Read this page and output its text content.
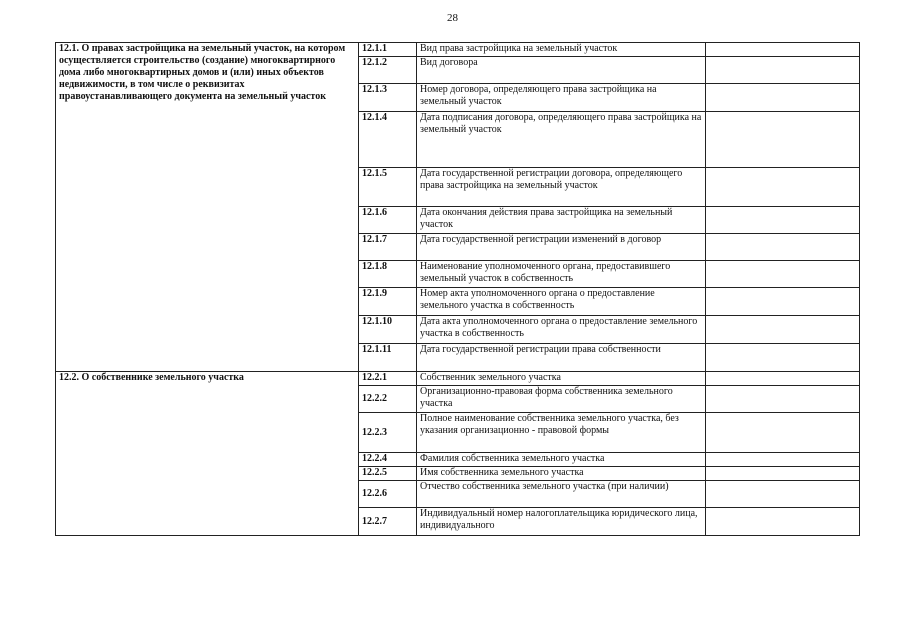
28
12.1. О правах застройщика на земельный участок, на котором осуществляется строительство (создание) многоквартирного дома либо многоквартирных домов и (или) иных объектов недвижимости, в том числе о реквизитах правоустанавливающего документа на земельный участок	12.1.1	Вид права застройщика на земельный участок	
	12.1.2	Вид договора	
	12.1.3	Номер договора, определяющего права застройщика на земельный участок	
	12.1.4	Дата подписания договора, определяющего права застройщика на земельный участок	
	12.1.5	Дата государственной регистрации договора, определяющего права застройщика на земельный участок	
	12.1.6	Дата окончания действия права застройщика на земельный участок	
	12.1.7	Дата государственной регистрации изменений в договор	
	12.1.8	Наименование уполномоченного органа, предоставившего земельный участок в собственность	
	12.1.9	Номер акта уполномоченного органа о предоставление земельного участка в собственность	
	12.1.10	Дата акта уполномоченного органа о предоставление земельного участка в собственность	
	12.1.11	Дата государственной регистрации права собственности	
12.2. О собственнике земельного участка	12.2.1	Собственник земельного участка	
	12.2.2	Организационно-правовая форма собственника земельного участка	
	12.2.3	Полное наименование собственника земельного участка, без указания организационно - правовой формы	
	12.2.4	Фамилия собственника земельного участка	
	12.2.5	Имя собственника земельного участка	
	12.2.6	Отчество собственника земельного участка (при наличии)	
	12.2.7	Индивидуальный номер налогоплательщика юридического лица, индивидуального	
